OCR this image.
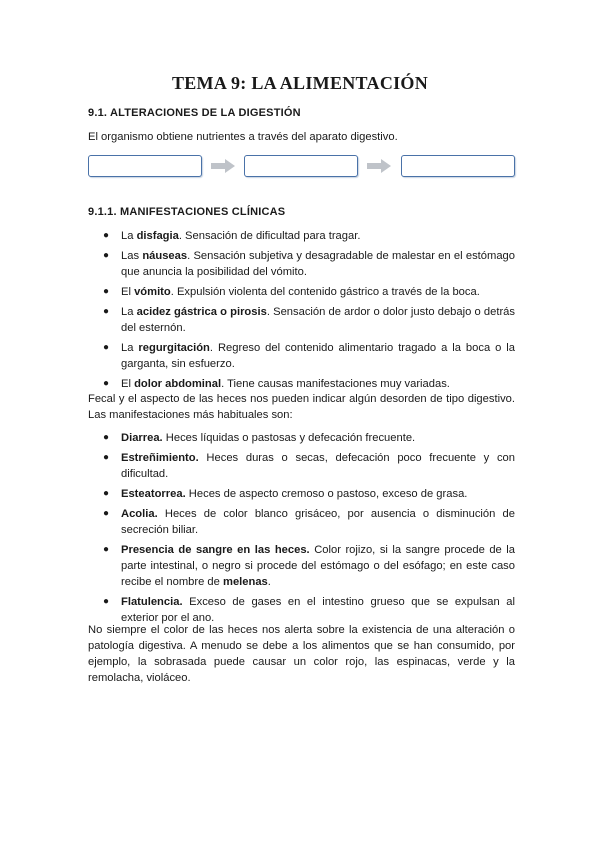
TEMA 9: LA ALIMENTACIÓN
9.1. ALTERACIONES DE LA DIGESTIÓN
El organismo obtiene nutrientes a través del aparato digestivo.
9.1.1. MANIFESTACIONES CLÍNICAS
● La disfagia. Sensación de dificultad para tragar.
● Las náuseas. Sensación subjetiva y desagradable de malestar en el estómago que anuncia la posibilidad del vómito.
● El vómito. Expulsión violenta del contenido gástrico a través de la boca.
● La acidez gástrica o pirosis. Sensación de ardor o dolor justo debajo o detrás del esternón.
● La regurgitación. Regreso del contenido alimentario tragado a la boca o la garganta, sin esfuerzo.
● El dolor abdominal. Tiene causas manifestaciones muy variadas.
Fecal y el aspecto de las heces nos pueden indicar algún desorden de tipo digestivo. Las manifestaciones más habituales son:
● Diarrea. Heces líquidas o pastosas y defecación frecuente.
● Estreñimiento. Heces duras o secas, defecación poco frecuente y con dificultad.
● Esteatorrea. Heces de aspecto cremoso o pastoso, exceso de grasa.
● Acolia. Heces de color blanco grisáceo, por ausencia o disminución de secreción biliar.
● Presencia de sangre en las heces. Color rojizo, si la sangre procede de la parte intestinal, o negro si procede del estómago o del esófago; en este caso recibe el nombre de melenas.
● Flatulencia. Exceso de gases en el intestino grueso que se expulsan al exterior por el ano.
No siempre el color de las heces nos alerta sobre la existencia de una alteración o patología digestiva. A menudo se debe a los alimentos que se han consumido, por ejemplo, la sobrasada puede causar un color rojo, las espinacas, verde y la remolacha, violáceo.
